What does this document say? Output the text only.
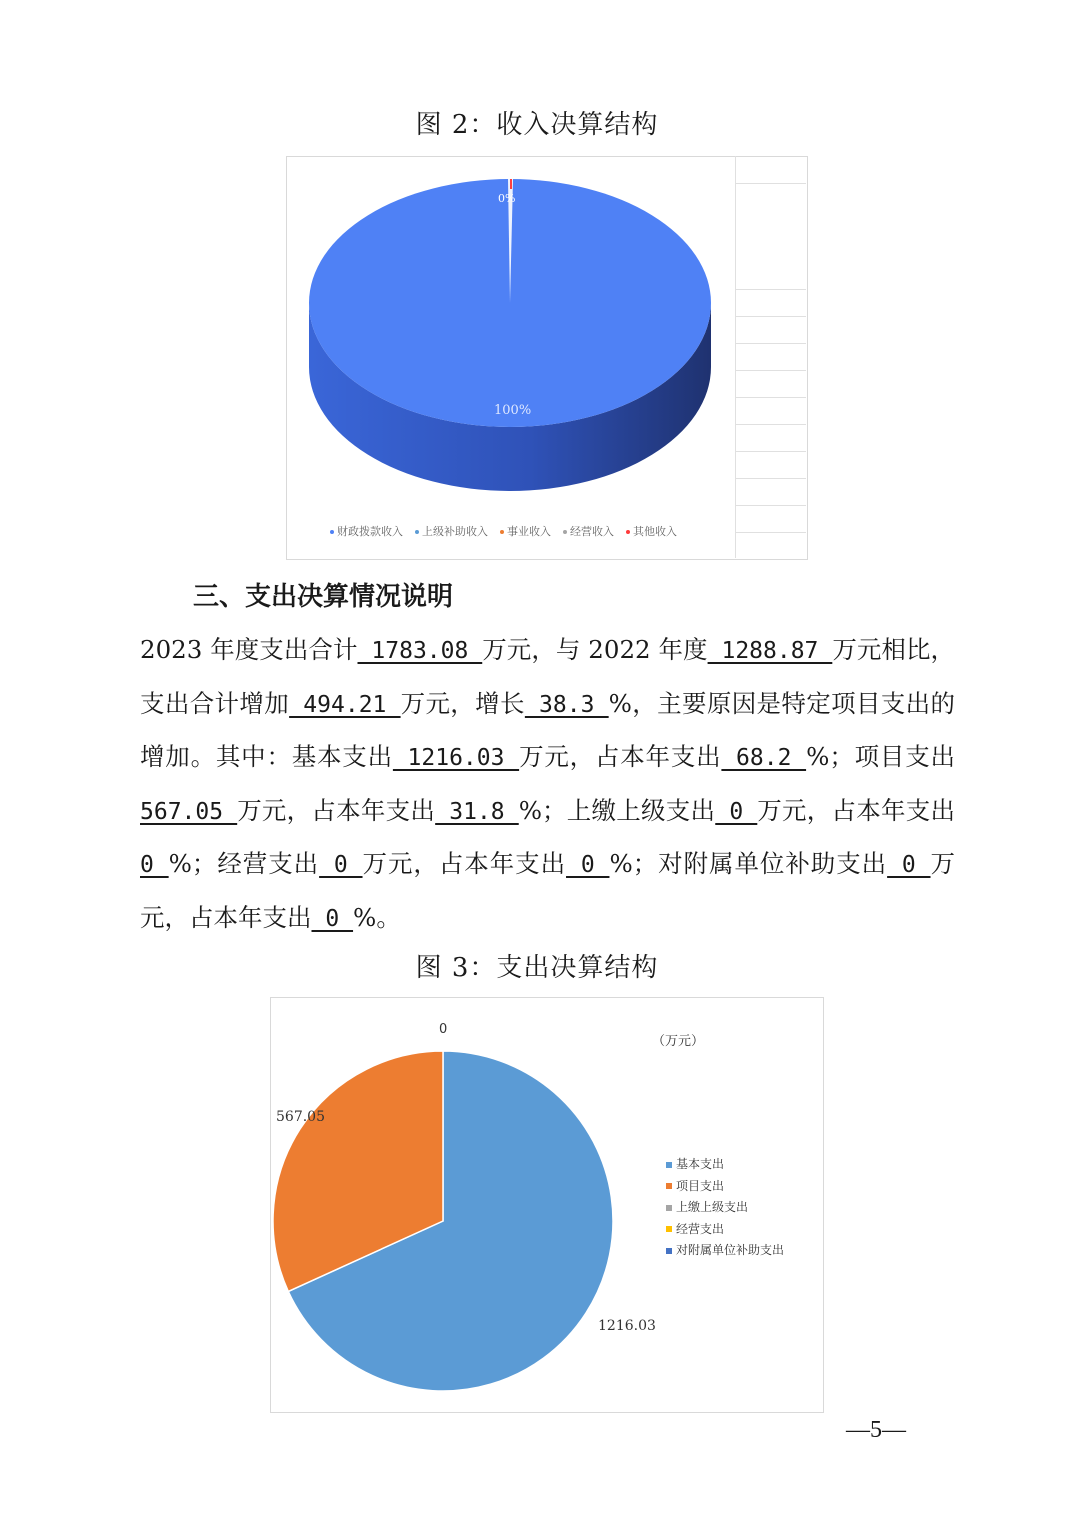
图 2：收入决算结构
100%
0%
财政拨款收入	上级补助收入	事业收入	经营收入	其他收入
三、支出决算情况说明
2023 年度支出合计 1783.08 万元，与 2022 年度 1288.87 万元相比，支出合计增加 494.21 万元，增长 38.3 %，主要原因是特定项目支出的增加。其中：基本支出 1216.03 万元，占本年支出 68.2 %；项目支出 567.05 万元，占本年支出 31.8 %；上缴上级支出 0 万元，占本年支出 0 %；经营支出 0 万元，占本年支出 0 %；对附属单位补助支出 0 万元，占本年支出 0 %。
图 3：支出决算结构
（万元）
1216.03
567.05
0
基本支出
项目支出
上缴上级支出
经营支出
对附属单位补助支出
—5—
